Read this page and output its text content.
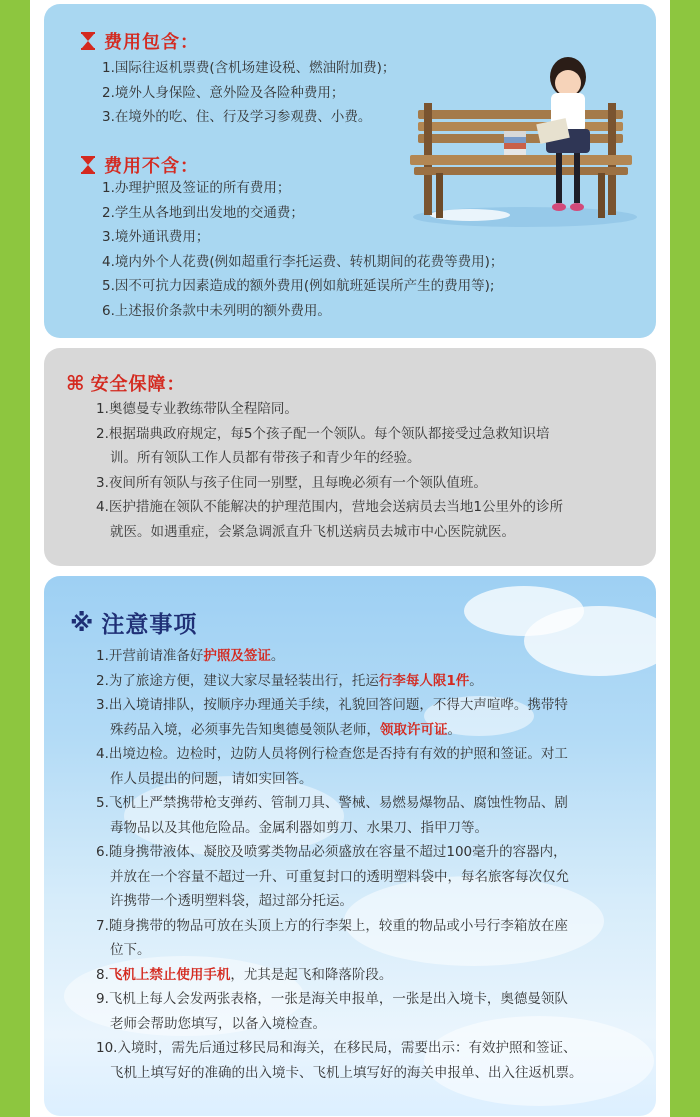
费用包含：
1.国际往返机票费(含机场建设税、燃油附加费)；
2.境外人身保险、意外险及各险种费用；
3.在境外的吃、住、行及学习参观费、小费。
费用不含：
1.办理护照及签证的所有费用；
2.学生从各地到出发地的交通费；
3.境外通讯费用；
4.境内外个人花费(例如超重行李托运费、转机期间的花费等费用)；
5.因不可抗力因素造成的额外费用(例如航班延误所产生的费用等);
6.上述报价条款中未列明的额外费用。
⌘ 安全保障：
1.奥德曼专业教练带队全程陪同。
2.根据瑞典政府规定，每5个孩子配一个领队。每个领队都接受过急救知识培
训。所有领队工作人员都有带孩子和青少年的经验。
3.夜间所有领队与孩子住同一别墅，且每晚必须有一个领队值班。
4.医护措施在领队不能解决的护理范围内，营地会送病员去当地1公里外的诊所
就医。如遇重症，会紧急调派直升飞机送病员去城市中心医院就医。
※ 注意事项
1.开营前请准备好护照及签证。
2.为了旅途方便，建议大家尽量轻装出行，托运行李每人限1件。
3.出入境请排队，按顺序办理通关手续，礼貌回答问题，不得大声喧哗。携带特
殊药品入境，必须事先告知奥德曼领队老师，领取许可证。
4.出境边检。边检时，边防人员将例行检查您是否持有有效的护照和签证。对工
作人员提出的问题，请如实回答。
5.飞机上严禁携带枪支弹药、管制刀具、警械、易燃易爆物品、腐蚀性物品、剧
毒物品以及其他危险品。金属利器如剪刀、水果刀、指甲刀等。
6.随身携带液体、凝胶及喷雾类物品必须盛放在容量不超过100毫升的容器内，
并放在一个容量不超过一升、可重复封口的透明塑料袋中，每名旅客每次仅允
许携带一个透明塑料袋，超过部分托运。
7.随身携带的物品可放在头顶上方的行李架上，较重的物品或小号行李箱放在座
位下。
8.飞机上禁止使用手机，尤其是起飞和降落阶段。
9.飞机上每人会发两张表格，一张是海关申报单，一张是出入境卡，奥德曼领队
老师会帮助您填写，以备入境检查。
10.入境时，需先后通过移民局和海关，在移民局，需要出示：有效护照和签证、
飞机上填写好的准确的出入境卡、飞机上填写好的海关申报单、出入往返机票。
